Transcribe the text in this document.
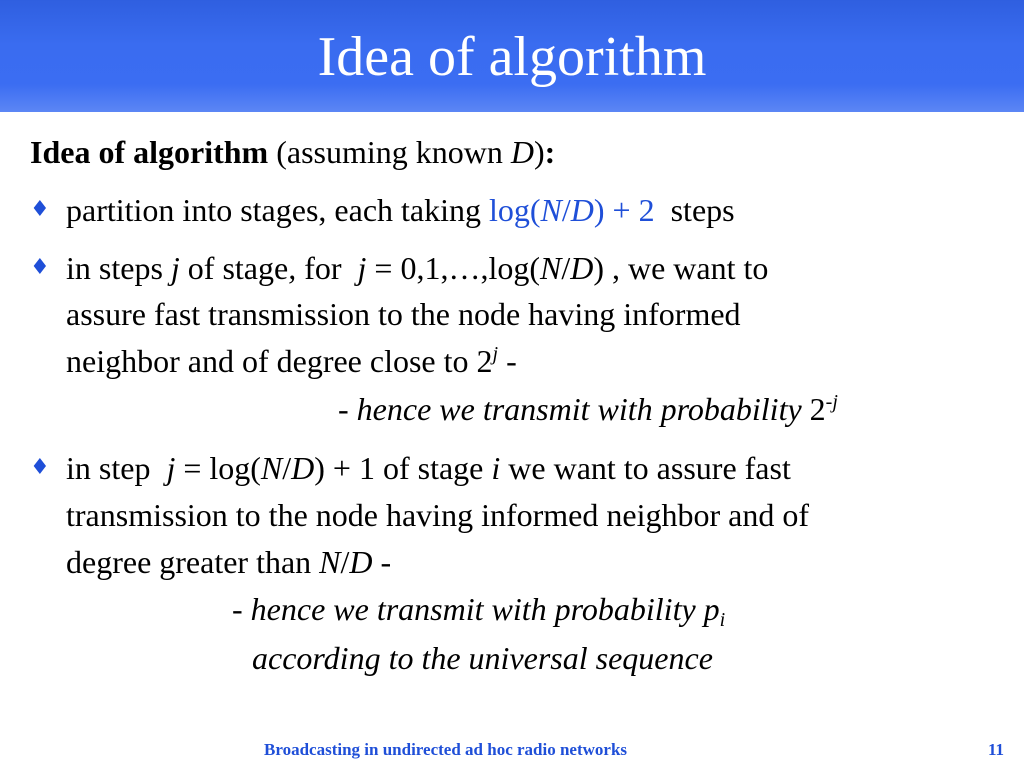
Idea of algorithm
Idea of algorithm (assuming known D):
♦ partition into stages, each taking log(N/D) + 2 steps
♦ in steps j of stage, for  j = 0,1,…,log(N/D) , we want to
assure fast transmission to the node having informed
neighbor and of degree close to 2$^j$ -
- hence we transmit with probability $2^{-j}$
♦ in step  j = log(N/D) + 1 of stage i we want to assure fast
transmission to the node having informed neighbor and of
degree greater than N/D -
- hence we transmit with probability $p_i$
according to the universal sequence
Broadcasting in undirected ad hoc radio networks	11
